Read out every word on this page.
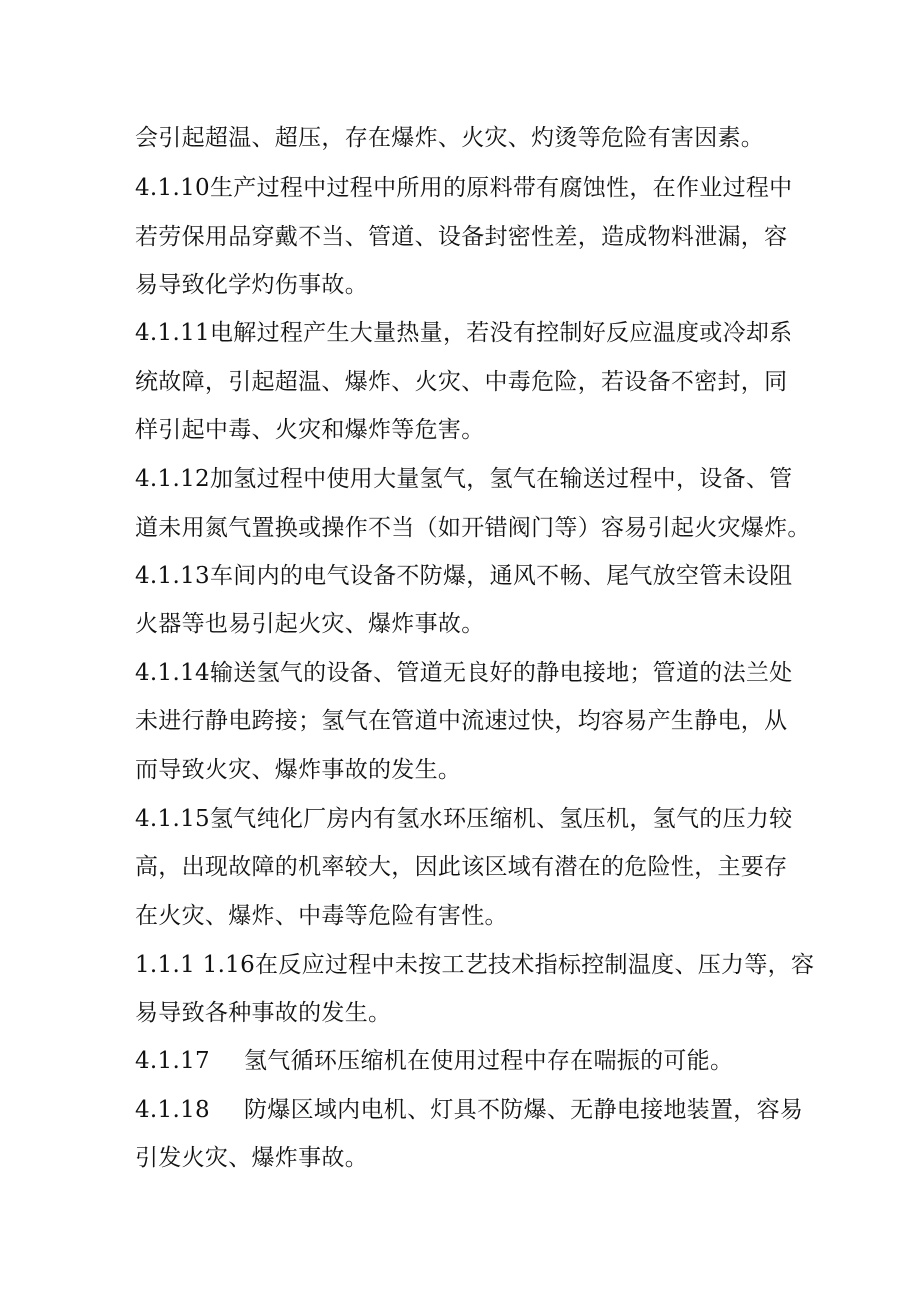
会引起超温、超压，存在爆炸、火灾、灼烫等危险有害因素。
4.1.10生产过程中过程中所用的原料带有腐蚀性，在作业过程中
若劳保用品穿戴不当、管道、设备封密性差，造成物料泄漏，容
易导致化学灼伤事故。
4.1.11电解过程产生大量热量，若没有控制好反应温度或冷却系
统故障，引起超温、爆炸、火灾、中毒危险，若设备不密封，同
样引起中毒、火灾和爆炸等危害。
4.1.12加氢过程中使用大量氢气，氢气在输送过程中，设备、管
道未用氮气置换或操作不当（如开错阀门等）容易引起火灾爆炸。
4.1.13车间内的电气设备不防爆，通风不畅、尾气放空管未设阻
火器等也易引起火灾、爆炸事故。
4.1.14输送氢气的设备、管道无良好的静电接地；管道的法兰处
未进行静电跨接；氢气在管道中流速过快，均容易产生静电，从
而导致火灾、爆炸事故的发生。
4.1.15氢气纯化厂房内有氢水环压缩机、氢压机，氢气的压力较
高，出现故障的机率较大，因此该区域有潜在的危险性，主要存
在火灾、爆炸、中毒等危险有害性。
1.1.1 1.16在反应过程中未按工艺技术指标控制温度、压力等，容
易导致各种事故的发生。
4.1.17 氢气循环压缩机在使用过程中存在喘振的可能。
4.1.18 防爆区域内电机、灯具不防爆、无静电接地装置，容易
引发火灾、爆炸事故。
